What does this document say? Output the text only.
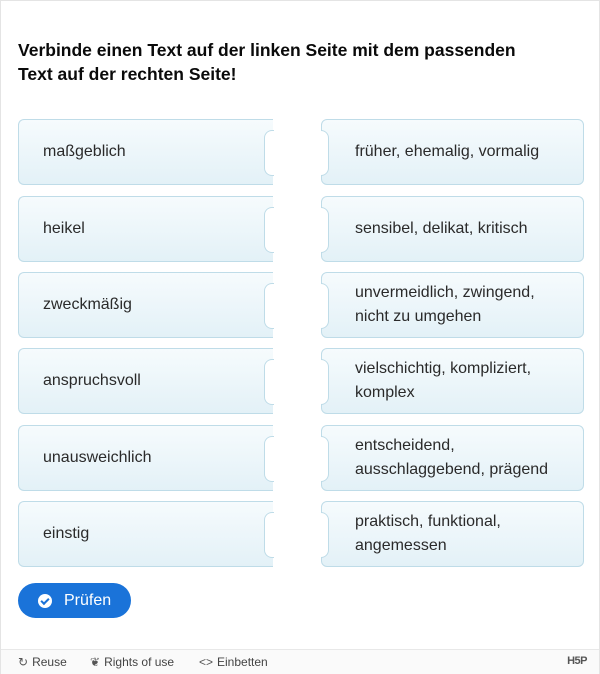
Verbinde einen Text auf der linken Seite mit dem passenden
Text auf der rechten Seite!
maßgeblich
heikel
zweckmäßig
anspruchsvoll
unausweichlich
einstig
früher, ehemalig, vormalig
sensibel, delikat, kritisch
unvermeidlich, zwingend,
nicht zu umgehen
vielschichtig, kompliziert,
komplex
entscheidend,
ausschlaggebend, prägend
praktisch, funktional,
angemessen
Prüfen
↻ Reuse ❦ Rights of use <> Einbetten	H5P
